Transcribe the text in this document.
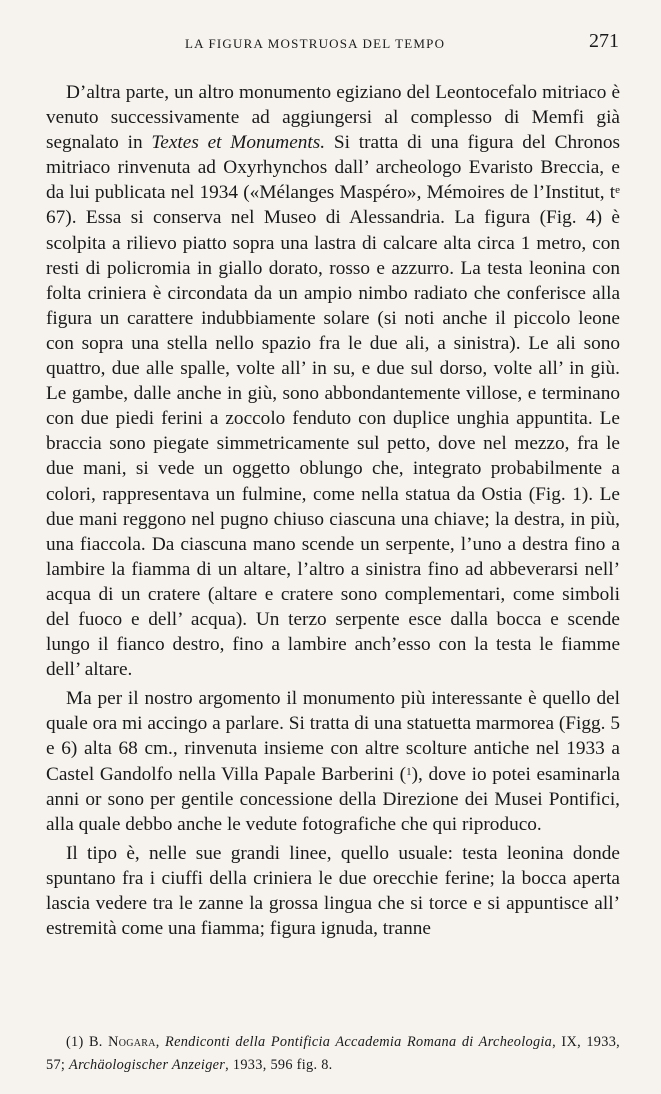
LA FIGURA MOSTRUOSA DEL TEMPO	271

D’altra parte, un altro monumento egiziano del Leontocefalo mitriaco è venuto successivamente ad aggiungersi al complesso di Memfi già segnalato in Textes et Monuments. Si tratta di una figura del Chronos mitriaco rinvenuta ad Oxyrhynchos dall’ archeologo Evaristo Breccia, e da lui publicata nel 1934 («Mélanges Maspéro», Mémoires de l’Institut, $t^e$ 67). Essa si conserva nel Museo di Alessandria. La figura (Fig. 4) è scolpita a rilievo piatto sopra una lastra di calcare alta circa 1 metro, con resti di policromia in giallo dorato, rosso e azzurro. La testa leonina con folta criniera è circondata da un ampio nimbo radiato che conferisce alla figura un carattere indubbiamente solare (si noti anche il piccolo leone con sopra una stella nello spazio fra le due ali, a sinistra). Le ali sono quattro, due alle spalle, volte all’ in su, e due sul dorso, volte all’ in giù. Le gambe, dalle anche in giù, sono abbondantemente villose, e terminano con due piedi ferini a zoccolo fenduto con duplice unghia appuntita. Le braccia sono piegate simmetricamente sul petto, dove nel mezzo, fra le due mani, si vede un oggetto oblungo che, integrato probabilmente a colori, rappresentava un fulmine, come nella statua da Ostia (Fig. 1). Le due mani reggono nel pugno chiuso ciascuna una chiave; la destra, in più, una fiaccola. Da ciascuna mano scende un serpente, l’uno a destra fino a lambire la fiamma di un altare, l’altro a sinistra fino ad abbeverarsi nell’ acqua di un cratere (altare e cratere sono complementari, come simboli del fuoco e dell’ acqua). Un terzo serpente esce dalla bocca e scende lungo il fianco destro, fino a lambire anch’esso con la testa le fiamme dell’ altare.

Ma per il nostro argomento il monumento più interessante è quello del quale ora mi accingo a parlare. Si tratta di una statuetta marmorea (Figg. 5 e 6) alta 68 cm., rinvenuta insieme con altre scolture antiche nel 1933 a Castel Gandolfo nella Villa Papale Barberini ($^1$), dove io potei esaminarla anni or sono per gentile concessione della Direzione dei Musei Pontifici, alla quale debbo anche le vedute fotografiche che qui riproduco.

Il tipo è, nelle sue grandi linee, quello usuale: testa leonina donde spuntano fra i ciuffi della criniera le due orecchie ferine; la bocca aperta lascia vedere tra le zanne la grossa lingua che si torce e si appuntisce all’ estremità come una fiamma; figura ignuda, tranne

(1) B. Nogara, Rendiconti della Pontificia Accademia Romana di Archeologia, IX, 1933, 57; Archäologischer Anzeiger, 1933, 596 fig. 8.
